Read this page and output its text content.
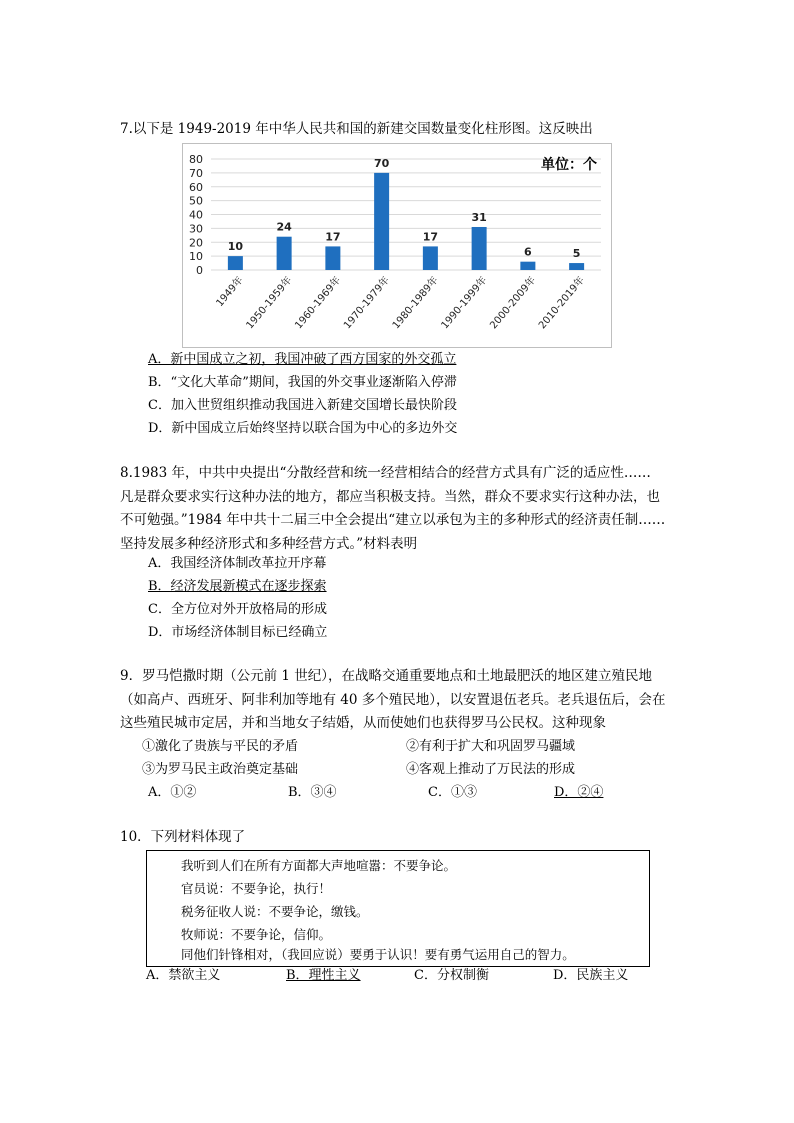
7.以下是 1949-2019 年中华人民共和国的新建交国数量变化柱形图。这反映出
0
10
20
30
40
50
60
70
80
10
1949年
24
1950-1959年
17
1960-1969年
70
1970-1979年
17
1980-1989年
31
1990-1999年
6
2000-2009年
5
2010-2019年
单位：个
A．新中国成立之初，我国冲破了西方国家的外交孤立
B．“文化大革命”期间，我国的外交事业逐渐陷入停滞
C．加入世贸组织推动我国进入新建交国增长最快阶段
D．新中国成立后始终坚持以联合国为中心的多边外交
8.1983 年，中共中央提出“分散经营和统一经营相结合的经营方式具有广泛的适应性……
凡是群众要求实行这种办法的地方，都应当积极支持。当然，群众不要求实行这种办法，也
不可勉强。”1984 年中共十二届三中全会提出“建立以承包为主的多种形式的经济责任制……
坚持发展多种经济形式和多种经营方式。”材料表明
A．我国经济体制改革拉开序幕
B．经济发展新模式在逐步探索
C．全方位对外开放格局的形成
D．市场经济体制目标已经确立
9．罗马恺撒时期（公元前 1 世纪），在战略交通重要地点和土地最肥沃的地区建立殖民地
（如高卢、西班牙、阿非利加等地有 40 多个殖民地），以安置退伍老兵。老兵退伍后，会在
这些殖民城市定居，并和当地女子结婚，从而使她们也获得罗马公民权。这种现象
①激化了贵族与平民的矛盾	②有利于扩大和巩固罗马疆域
③为罗马民主政治奠定基础	④客观上推动了万民法的形成
A．①②	B．③④	C．①③	D．②④
10．下列材料体现了
我听到人们在所有方面都大声地喧嚣：不要争论。
官员说：不要争论，执行！
税务征收人说：不要争论，缴钱。
牧师说：不要争论，信仰。
同他们针锋相对，（我回应说）要勇于认识！要有勇气运用自己的智力。
A．禁欲主义	B．理性主义	C．分权制衡	D．民族主义
